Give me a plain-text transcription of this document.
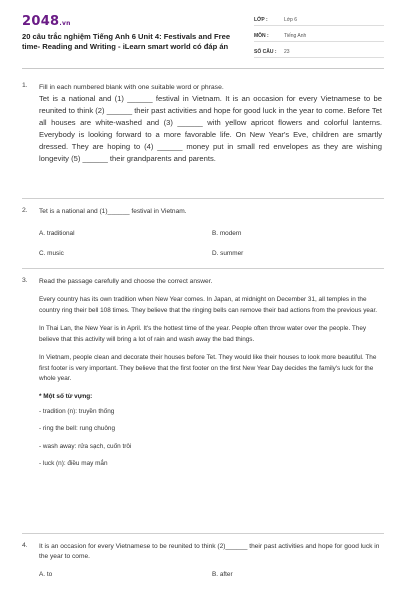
2048.vn
20 câu trắc nghiệm Tiếng Anh 6 Unit 4: Festivals and Free time- Reading and Writing - iLearn smart world có đáp án
LỚP :	Lớp 6
MÔN :	Tiếng Anh
SỐ CÂU : 23
1. Fill in each numbered blank with one suitable word or phrase.
Tet is a national and (1) ______ festival in Vietnam. It is an occasion for every Vietnamese to be reunited to think (2) ______ their past activities and hope for good luck in the year to come. Before Tet all houses are white-washed and (3) ______ with yellow apricot flowers and colorful lanterns. Everybody is looking forward to a more favorable life. On New Year's Eve, children are smartly dressed. They are hoping to (4) ______ money put in small red envelopes as they are wishing longevity (5) ______ their grandparents and parents.
2. Tet is a national and (1)______ festival in Vietnam.
A. traditional	B. modern
C. music	D. summer
3. Read the passage carefully and choose the correct answer.
Every country has its own tradition when New Year comes. In Japan, at midnight on December 31, all temples in the country ring their bell 108 times. They believe that the ringing bells can remove their bad actions from the previous year.
In Thai Lan, the New Year is in April. It's the hottest time of the year. People often throw water over the people. They believe that this activity will bring a lot of rain and wash away the bad things.
In Vietnam, people clean and decorate their houses before Tet. They would like their houses to look more beautiful. The first footer is very important. They believe that the first footer on the first New Year Day decides the family's luck for the whole year.
* Một số từ vựng:
- tradition (n): truyền thống
- ring the bell: rung chuông
- wash away: rửa sạch, cuốn trôi
- luck (n): điều may mắn
4. It is an occasion for every Vietnamese to be reunited to think (2)______ their past activities and hope for good luck in the year to come.
A. to	B. after
